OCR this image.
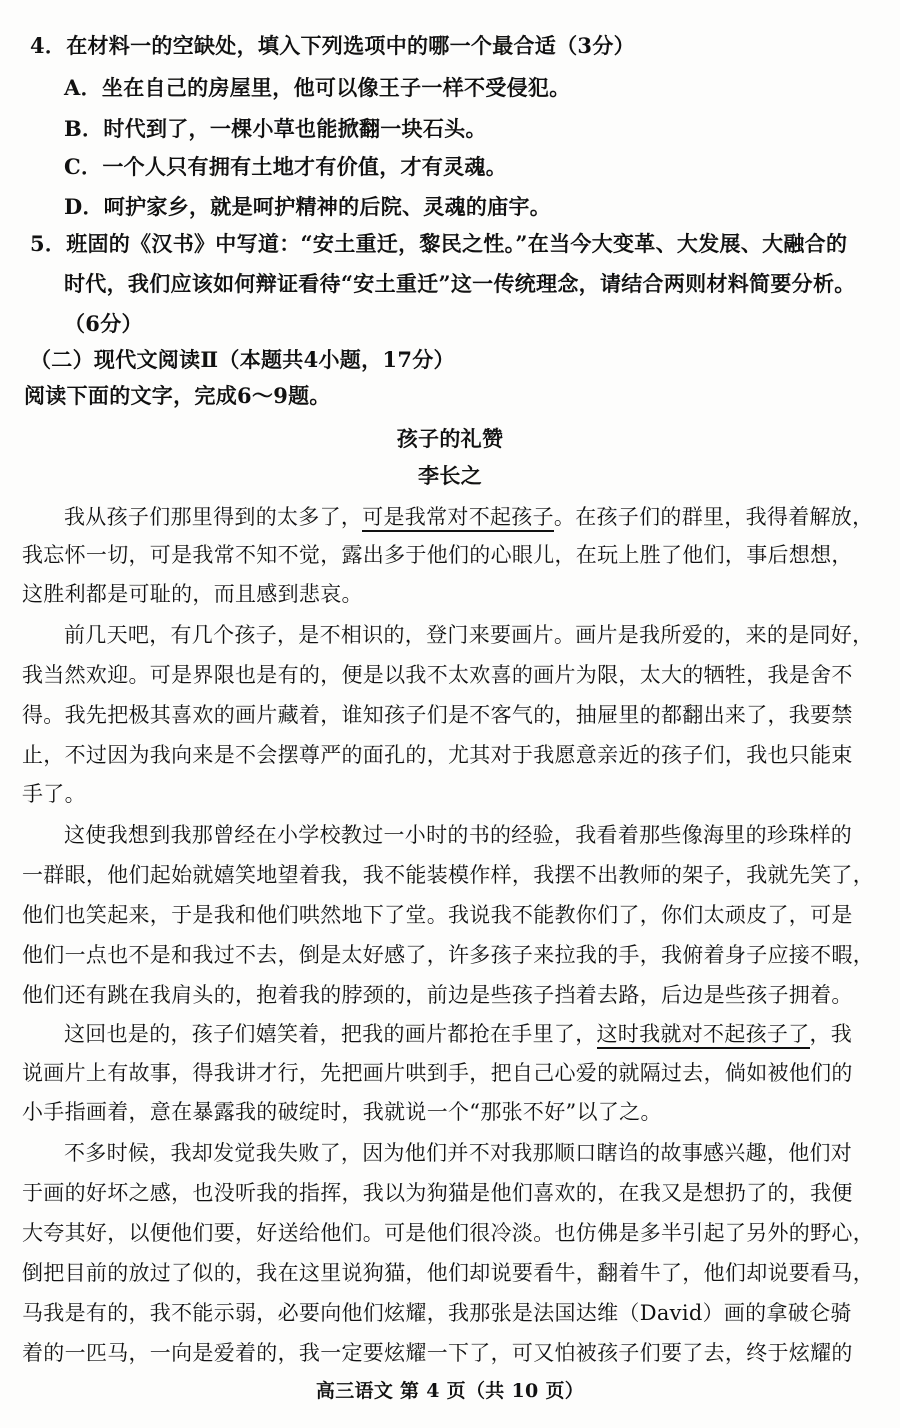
4．在材料一的空缺处，填入下列选项中的哪一个最合适（3分）
A．坐在自己的房屋里，他可以像王子一样不受侵犯。
B．时代到了，一棵小草也能掀翻一块石头。
C．一个人只有拥有土地才有价值，才有灵魂。
D．呵护家乡，就是呵护精神的后院、灵魂的庙宇。
5．班固的《汉书》中写道：“安土重迁，黎民之性。”在当今大变革、大发展、大融合的
时代，我们应该如何辩证看待“安土重迁”这一传统理念，请结合两则材料简要分析。
（6分）
（二）现代文阅读Ⅱ（本题共4小题，17分）
阅读下面的文字，完成6～9题。
孩子的礼赞
李长之
我从孩子们那里得到的太多了，可是我常对不起孩子。在孩子们的群里，我得着解放，
我忘怀一切，可是我常不知不觉，露出多于他们的心眼儿，在玩上胜了他们，事后想想，
这胜利都是可耻的，而且感到悲哀。
前几天吧，有几个孩子，是不相识的，登门来要画片。画片是我所爱的，来的是同好，
我当然欢迎。可是界限也是有的，便是以我不太欢喜的画片为限，太大的牺牲，我是舍不
得。我先把极其喜欢的画片藏着，谁知孩子们是不客气的，抽屉里的都翻出来了，我要禁
止，不过因为我向来是不会摆尊严的面孔的，尤其对于我愿意亲近的孩子们，我也只能束
手了。
这使我想到我那曾经在小学校教过一小时的书的经验，我看着那些像海里的珍珠样的
一群眼，他们起始就嬉笑地望着我，我不能装模作样，我摆不出教师的架子，我就先笑了，
他们也笑起来，于是我和他们哄然地下了堂。我说我不能教你们了，你们太顽皮了，可是
他们一点也不是和我过不去，倒是太好感了，许多孩子来拉我的手，我俯着身子应接不暇，
他们还有跳在我肩头的，抱着我的脖颈的，前边是些孩子挡着去路，后边是些孩子拥着。
这回也是的，孩子们嬉笑着，把我的画片都抢在手里了，这时我就对不起孩子了，我
说画片上有故事，得我讲才行，先把画片哄到手，把自己心爱的就隔过去，倘如被他们的
小手指画着，意在暴露我的破绽时，我就说一个“那张不好”以了之。
不多时候，我却发觉我失败了，因为他们并不对我那顺口瞎诌的故事感兴趣，他们对
于画的好坏之感，也没听我的指挥，我以为狗猫是他们喜欢的，在我又是想扔了的，我便
大夸其好，以便他们要，好送给他们。可是他们很冷淡。也仿佛是多半引起了另外的野心，
倒把目前的放过了似的，我在这里说狗猫，他们却说要看牛，翻着牛了，他们却说要看马，
马我是有的，我不能示弱，必要向他们炫耀，我那张是法国达维（David）画的拿破仑骑
着的一匹马，一向是爱着的，我一定要炫耀一下了，可又怕被孩子们要了去，终于炫耀的
高三语文 第 4 页（共 10 页）
